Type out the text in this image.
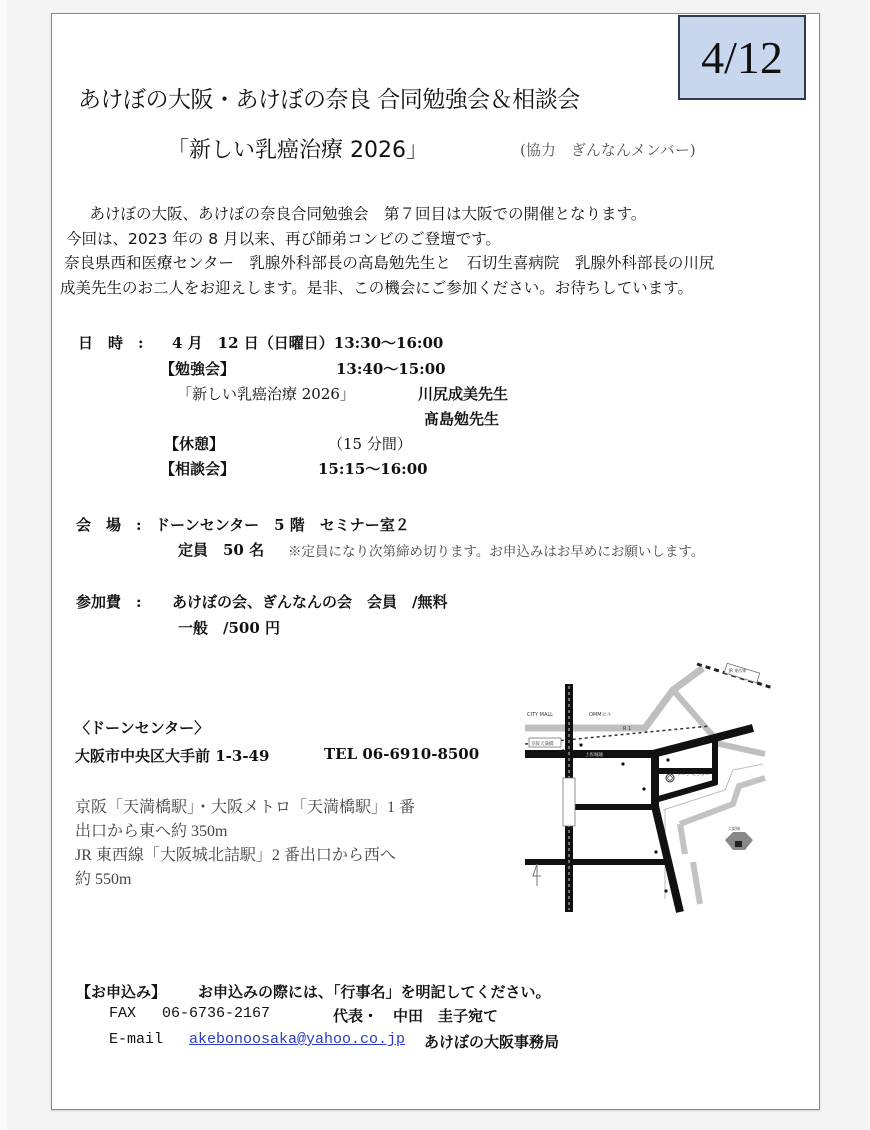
4/12
あけぼの大阪・あけぼの奈良 合同勉強会＆相談会
「新しい乳癌治療 2026」	(協力　ぎんなんメンバー)
　あけぼの大阪、あけぼの奈良合同勉強会　第７回目は大阪での開催となります。
今回は、2023 年の 8 月以来、再び師弟コンビのご登壇です。
奈良県西和医療センター　乳腺外科部長の高島勉先生と　石切生喜病院　乳腺外科部長の川尻
成美先生のお二人をお迎えします。是非、この機会にご参加ください。お待ちしています。
日　時　: 4 月　12 日（日曜日）13:30〜16:00
【勉強会】	13:40〜15:00
「新しい乳癌治療 2026」	川尻成美先生
髙島勉先生
【休憩】	（15 分間）
【相談会】	15:15〜16:00
会　場　: ドーンセンター　5 階　セミナー室２
定員　50 名 ※定員になり次第締め切ります。お申込みはお早めにお願いします。
参加費　: あけぼの会、ぎんなんの会　会員　/無料
一般　/500 円
〈ドーンセンター〉
大阪市中央区大手前 1-3-49	TEL 06-6910-8500
京阪「天満橋駅」・大阪メトロ「天満橋駅」1 番
出口から東へ約 350m
JR 東西線「大阪城北詰駅」2 番出口から西へ
約 550m
CITY MALL	OMMビル
京阪天満橋
土佐堀通
R 1
ドーン センター
JR 東西線
大阪城
【お申込み】 お申込みの際には、「行事名」を明記してください。
FAX 06-6736-2167	代表・　中田　圭子宛て
E-mail akebonoosaka@yahoo.co.jp あけぼの大阪事務局
